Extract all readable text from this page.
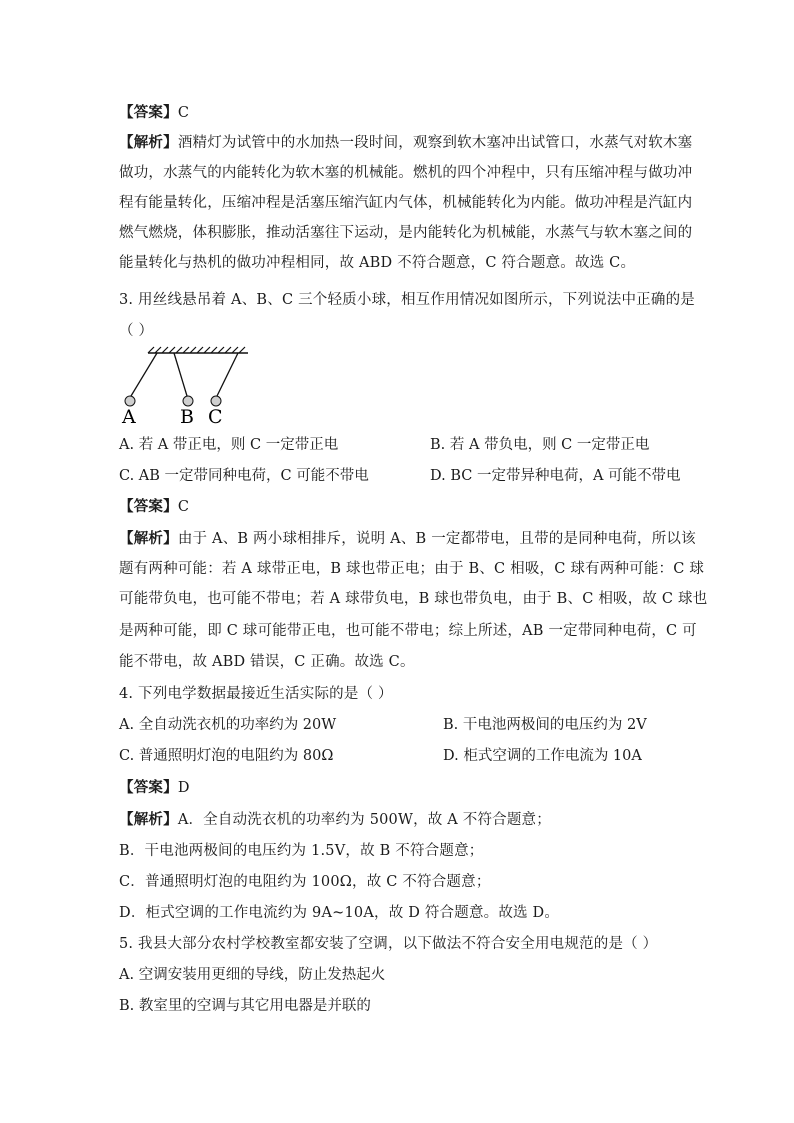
【答案】C
【解析】酒精灯为试管中的水加热一段时间，观察到软木塞冲出试管口，水蒸气对软木塞
做功，水蒸气的内能转化为软木塞的机械能。燃机的四个冲程中，只有压缩冲程与做功冲
程有能量转化，压缩冲程是活塞压缩汽缸内气体，机械能转化为内能。做功冲程是汽缸内
燃气燃烧，体积膨胀，推动活塞往下运动，是内能转化为机械能，水蒸气与软木塞之间的
能量转化与热机的做功冲程相同，故 ABD 不符合题意，C 符合题意。故选 C。
3. 用丝线悬吊着 A、B、C 三个轻质小球，相互作用情况如图所示，下列说法中正确的是
（ ）
A B C
A. 若 A 带正电，则 C 一定带正电	B. 若 A 带负电，则 C 一定带正电
C. AB 一定带同种电荷，C 可能不带电	D. BC 一定带异种电荷，A 可能不带电
【答案】C
【解析】由于 A、B 两小球相排斥，说明 A、B 一定都带电，且带的是同种电荷，所以该
题有两种可能：若 A 球带正电，B 球也带正电；由于 B、C 相吸，C 球有两种可能：C 球
可能带负电，也可能不带电；若 A 球带负电，B 球也带负电，由于 B、C 相吸，故 C 球也
是两种可能，即 C 球可能带正电，也可能不带电；综上所述，AB 一定带同种电荷，C 可
能不带电，故 ABD 错误，C 正确。故选 C。
4. 下列电学数据最接近生活实际的是（ ）
A. 全自动洗衣机的功率约为 20W	B. 干电池两极间的电压约为 2V
C. 普通照明灯泡的电阻约为 80Ω	D. 柜式空调的工作电流为 10A
【答案】D
【解析】A．全自动洗衣机的功率约为 500W，故 A 不符合题意；
B．干电池两极间的电压约为 1.5V，故 B 不符合题意；
C．普通照明灯泡的电阻约为 100Ω，故 C 不符合题意；
D．柜式空调的工作电流约为 9A~10A，故 D 符合题意。故选 D。
5. 我县大部分农村学校教室都安装了空调，以下做法不符合安全用电规范的是（ ）
A. 空调安装用更细的导线，防止发热起火
B. 教室里的空调与其它用电器是并联的
